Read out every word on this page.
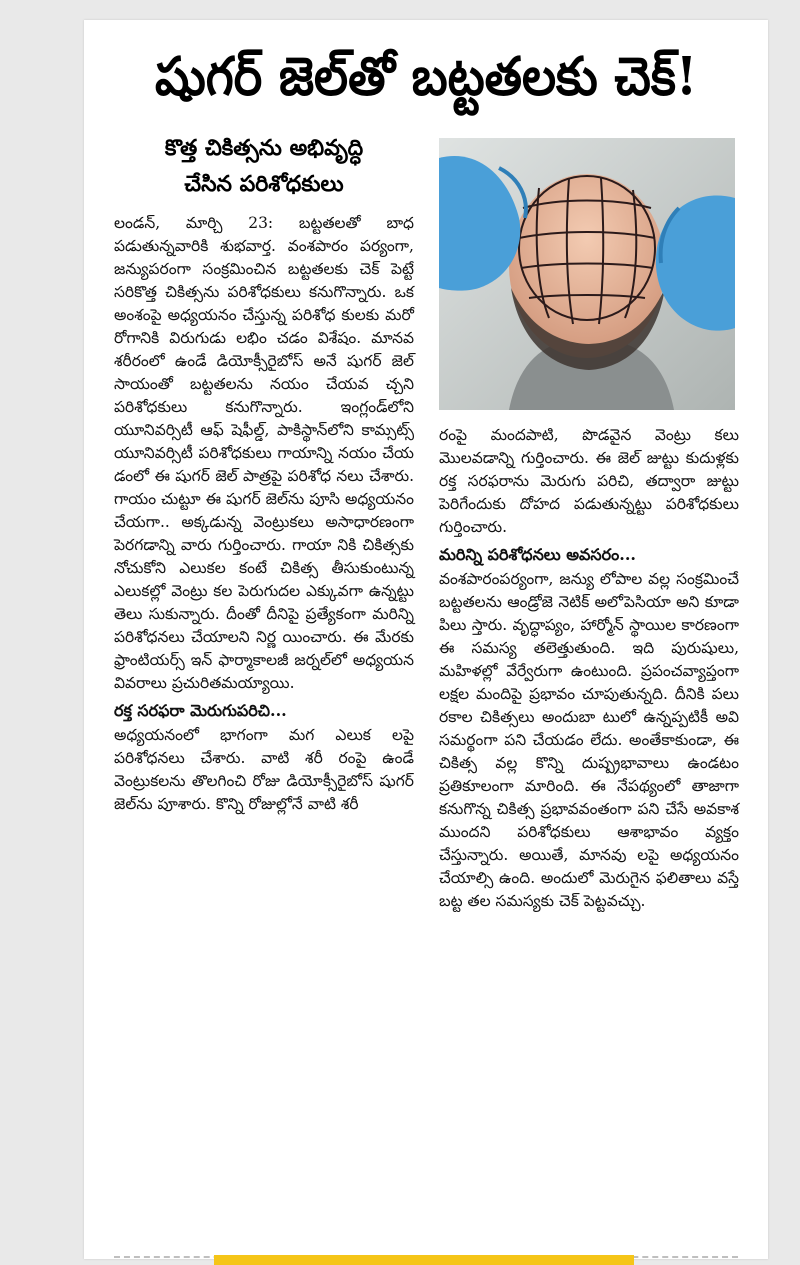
షుగర్ జెల్‌తో బట్టతలకు చెక్!
కొత్త చికిత్సను అభివృద్ధి
చేసిన పరిశోధకులు

లండన్, మార్చి 23: బట్టతలతో బాధ పడుతున్నవారికి శుభవార్త. వంశపారం పర్యంగా, జన్యుపరంగా సంక్రమించిన బట్టతలకు చెక్ పెట్టే సరికొత్త చికిత్సను పరిశోధకులు కనుగొన్నారు. ఒక అంశంపై అధ్యయనం చేస్తున్న పరిశోధ కులకు మరో రోగానికి విరుగుడు లభిం చడం విశేషం. మానవ శరీరంలో ఉండే డియోక్సీరైబోస్ అనే షుగర్ జెల్ సాయంతో బట్టతలను నయం చేయవ చ్చని పరిశోధకులు కనుగొన్నారు. ఇంగ్లండ్‌లోని యూనివర్సిటీ ఆఫ్ షెఫీల్డ్, పాకిస్థాన్‌లోని కామ్సట్స్ యూనివర్సిటీ పరిశోధకులు గాయాన్ని నయం చేయ డంలో ఈ షుగర్ జెల్ పాత్రపై పరిశోధ నలు చేశారు. గాయం చుట్టూ ఈ షుగర్ జెల్‌ను పూసి అధ్యయనం చేయగా.. అక్కడున్న వెంట్రుకలు అసాధారణంగా పెరగడాన్ని వారు గుర్తించారు. గాయా నికి చికిత్సకు నోచుకోని ఎలుకల కంటే చికిత్స తీసుకుంటున్న ఎలుకల్లో వెంట్రు కల పెరుగుదల ఎక్కువగా ఉన్నట్టు తెలు సుకున్నారు. దీంతో దీనిపై ప్రత్యేకంగా మరిన్ని పరిశోధనలు చేయాలని నిర్ణ యించారు. ఈ మేరకు ఫ్రాంటియర్స్ ఇన్ ఫార్మాకాలజీ జర్నల్‌లో అధ్యయన వివరాలు ప్రచురితమయ్యాయి.

రక్త సరఫరా మెరుగుపరిచి...

అధ్యయనంలో భాగంగా మగ ఎలుక లపై పరిశోధనలు చేశారు. వాటి శరీ రంపై ఉండే వెంట్రుకలను తొలగించి రోజు డియోక్సీరైబోస్ షుగర్ జెల్‌ను పూశారు. కొన్ని రోజుల్లోనే వాటి శరీ

రంపై మందపాటి, పొడవైన వెంట్రు కలు మొలవడాన్ని గుర్తించారు. ఈ జెల్ జుట్టు కుదుళ్లకు రక్త సరఫరాను మెరుగు పరిచి, తద్వారా జుట్టు పెరిగేందుకు దోహద పడుతున్నట్టు పరిశోధకులు గుర్తించారు.

మరిన్ని పరిశోధనలు అవసరం...

వంశపారంపర్యంగా, జన్యు లోపాల వల్ల సంక్రమించే బట్టతలను ఆండ్రోజె నెటిక్ అలోపెసియా అని కూడా పిలు స్తారు. వృద్ధాప్యం, హార్మోన్ స్థాయిల కారణంగా ఈ సమస్య తలెత్తుతుంది. ఇది పురుషులు, మహిళల్లో వేర్వేరుగా ఉంటుంది. ప్రపంచవ్యాప్తంగా లక్షల మందిపై ప్రభావం చూపుతున్నది. దీనికి పలు రకాల చికిత్సలు అందుబా టులో ఉన్నప్పటికీ అవి సమర్థంగా పని చేయడం లేదు. అంతేకాకుండా, ఈ చికిత్స వల్ల కొన్ని దుష్ప్రభావాలు ఉండటం ప్రతికూలంగా మారింది. ఈ నేపథ్యంలో తాజాగా కనుగొన్న చికిత్స ప్రభావవంతంగా పని చేసే అవకాశ ముందని పరిశోధకులు ఆశాభావం వ్యక్తం చేస్తున్నారు. అయితే, మానవు లపై అధ్యయనం చేయాల్సి ఉంది. అందులో మెరుగైన ఫలితాలు వస్తే బట్ట తల సమస్యకు చెక్ పెట్టవచ్చు.
